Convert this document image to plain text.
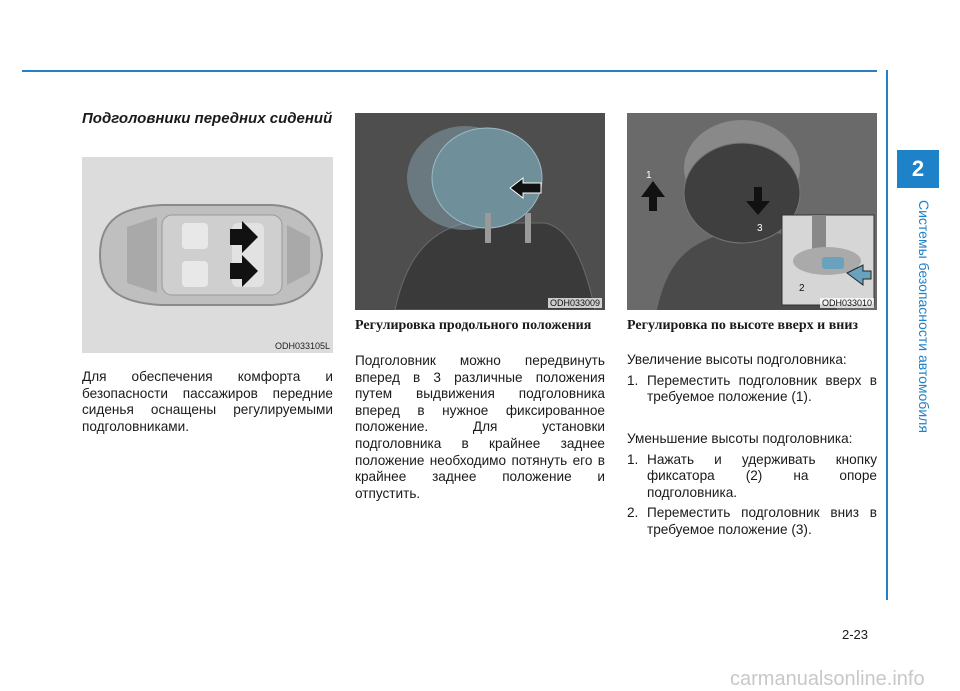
2
Системы безопасности автомобиля
Подголовники передних сидений
ODH033105L
Для обеспечения комфорта и безопасности пассажиров передние сиденья оснащены регулируемыми подголовниками.
ODH033009
Регулировка продольного положения
Подголовник можно передвинуть вперед в 3 различные положения путем выдвижения подголовника вперед в нужное фиксированное положение. Для установки подголовника в крайнее заднее положение необходимо потянуть его в крайнее заднее положение и отпустить.
1
3
2
ODH033010
Регулировка по высоте вверх и вниз
Увеличение высоты подголовника:
1. Переместить подголовник вверх в требуемое положение (1).
Уменьшение высоты подголовника:
1. Нажать и удерживать кнопку фиксатора (2) на опоре подголовника.
2. Переместить подголовник вниз в требуемое положение (3).
2-23
carmanualsonline.info
